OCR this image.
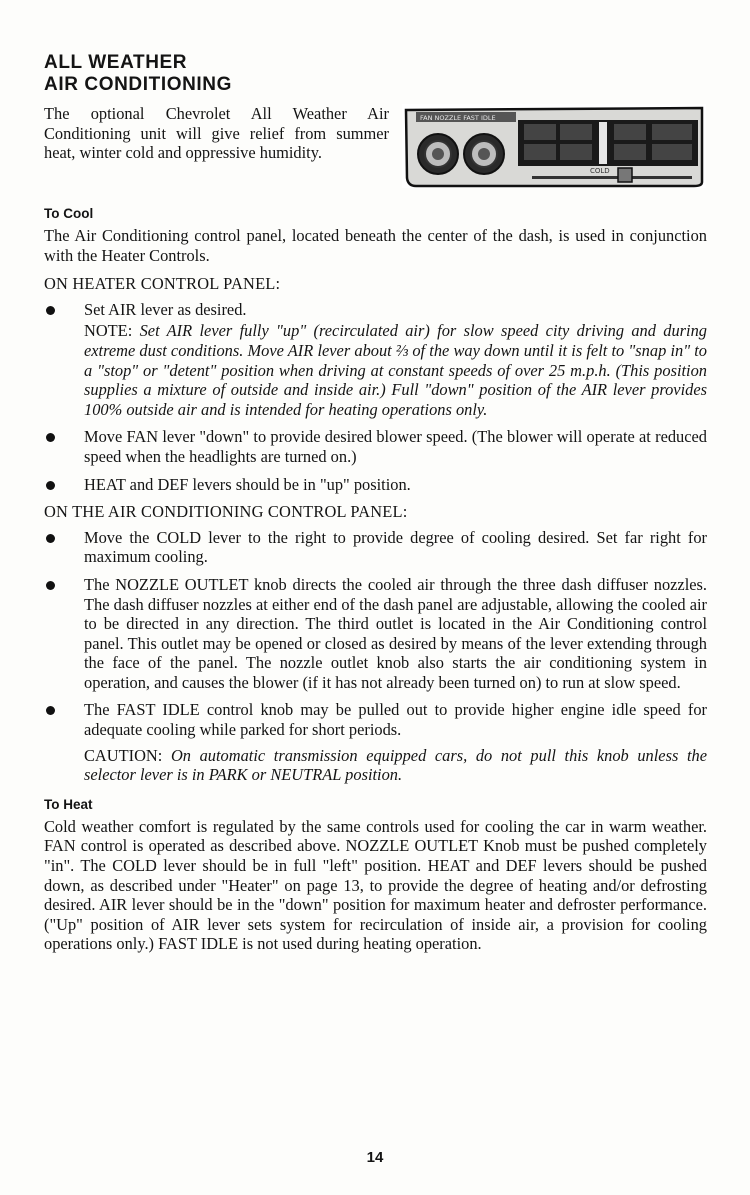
ALL WEATHER
AIR CONDITIONING

The optional Chevrolet All Weather Air Conditioning unit will give relief from summer heat, winter cold and oppressive humidity.

FAN NOZZLE FAST IDLE
COLD
To Cool

The Air Conditioning control panel, located beneath the center of the dash, is used in conjunction with the Heater Controls.

ON HEATER CONTROL PANEL:

Set AIR lever as desired.

NOTE: Set AIR lever fully "up" (recirculated air) for slow speed city driving and during extreme dust conditions. Move AIR lever about ⅔ of the way down until it is felt to "snap in" to a "stop" or "detent" position when driving at constant speeds of over 25 m.p.h. (This position supplies a mixture of outside and inside air.) Full "down" position of the AIR lever provides 100% outside air and is intended for heating operations only.

Move FAN lever "down" to provide desired blower speed. (The blower will operate at reduced speed when the headlights are turned on.)

HEAT and DEF levers should be in "up" position.

ON THE AIR CONDITIONING CONTROL PANEL:

Move the COLD lever to the right to provide degree of cooling desired. Set far right for maximum cooling.

The NOZZLE OUTLET knob directs the cooled air through the three dash diffuser nozzles. The dash diffuser nozzles at either end of the dash panel are adjustable, allowing the cooled air to be directed in any direction. The third outlet is located in the Air Conditioning control panel. This outlet may be opened or closed as desired by means of the lever extending through the face of the panel. The nozzle outlet knob also starts the air conditioning system in operation, and causes the blower (if it has not already been turned on) to run at slow speed.

The FAST IDLE control knob may be pulled out to provide higher engine idle speed for adequate cooling while parked for short periods.

CAUTION: On automatic transmission equipped cars, do not pull this knob unless the selector lever is in PARK or NEUTRAL position.

To Heat

Cold weather comfort is regulated by the same controls used for cooling the car in warm weather. FAN control is operated as described above. NOZZLE OUTLET Knob must be pushed completely "in". The COLD lever should be in full "left" position. HEAT and DEF levers should be pushed down, as described under "Heater" on page 13, to provide the degree of heating and/or defrosting desired. AIR lever should be in the "down" position for maximum heater and defroster performance. ("Up" position of AIR lever sets system for recirculation of inside air, a provision for cooling operations only.) FAST IDLE is not used during heating operation.

14
